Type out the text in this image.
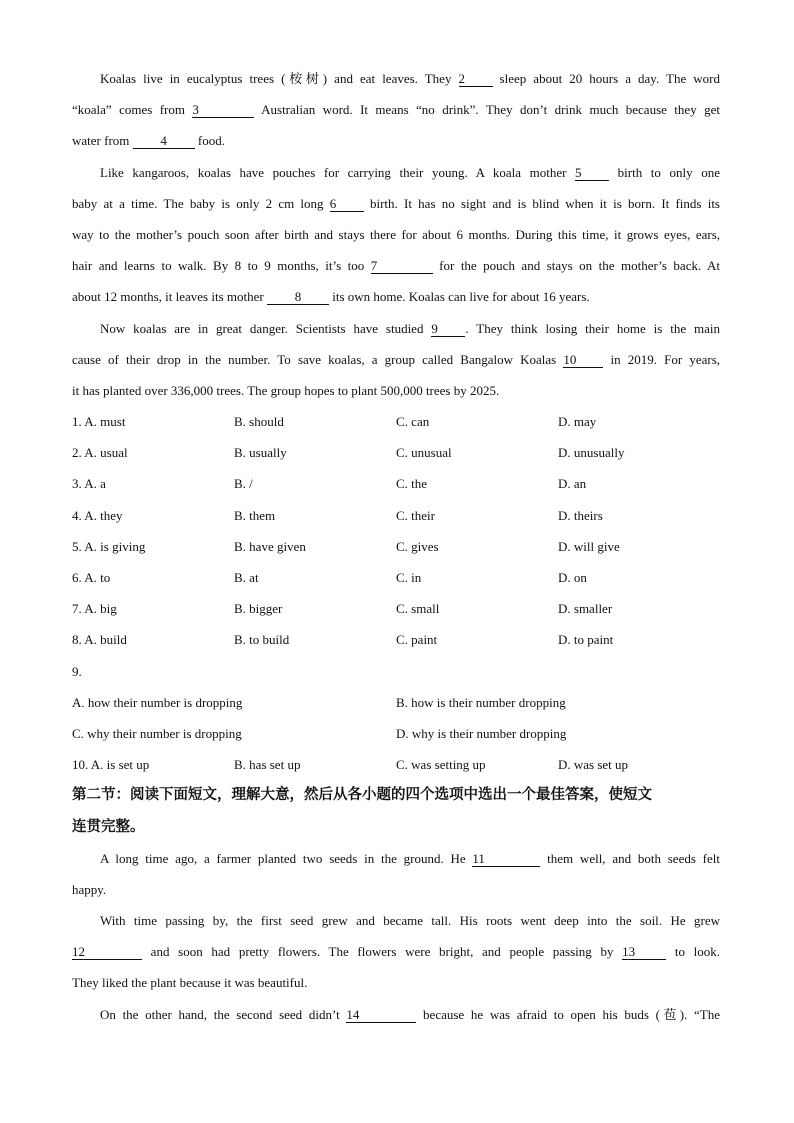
Koalas live in eucalyptus trees (桉树) and eat leaves. They 2 sleep about 20 hours a day. The word
“koala” comes from 3	Australian word. It means “no drink”. They don’t drink much because they get
water from 4 food.
Like kangaroos, koalas have pouches for carrying their young. A koala mother 5 birth to only one
baby at a time. The baby is only 2 cm long 6 birth. It has no sight and is blind when it is born. It finds its
way to the mother’s pouch soon after birth and stays there for about 6 months. During this time, it grows eyes, ears,
hair and learns to walk. By 8 to 9 months, it’s too 7	for the pouch and stays on the mother’s back. At
about 12 months, it leaves its mother 8 its own home. Koalas can live for about 16 years.
Now koalas are in great danger. Scientists have studied 9 . They think losing their home is the main
cause of their drop in the number. To save koalas, a group called Bangalow Koalas 10 in 2019. For years,
it has planted over 336,000 trees. The group hopes to plant 500,000 trees by 2025.
1. A. must	B. should	C. can	D. may
2. A. usual	B. usually	C. unusual	D. unusually
3. A. a	B. /	C. the	D. an
4. A. they	B. them	C. their	D. theirs
5. A. is giving	B. have given	C. gives	D. will give
6. A. to	B. at	C. in	D. on
7. A. big	B. bigger	C. small	D. smaller
8. A. build	B. to build	C. paint	D. to paint
9.
A. how their number is dropping	B. how is their number dropping
C. why their number is dropping	D. why is their number dropping
10. A. is set up	B. has set up	C. was setting up	D. was set up
第二节：阅读下面短文，理解大意，然后从各小题的四个选项中选出一个最佳答案，使短文
连贯完整。
A long time ago, a farmer planted two seeds in the ground. He 11	them well, and both seeds felt
happy.
With time passing by, the first seed grew and became tall. His roots went deep into the soil. He grew
12	and soon had pretty flowers. The flowers were bright, and people passing by 13 to look.
They liked the plant because it was beautiful.
On the other hand, the second seed didn’t 14	because he was afraid to open his buds (苞). “The
